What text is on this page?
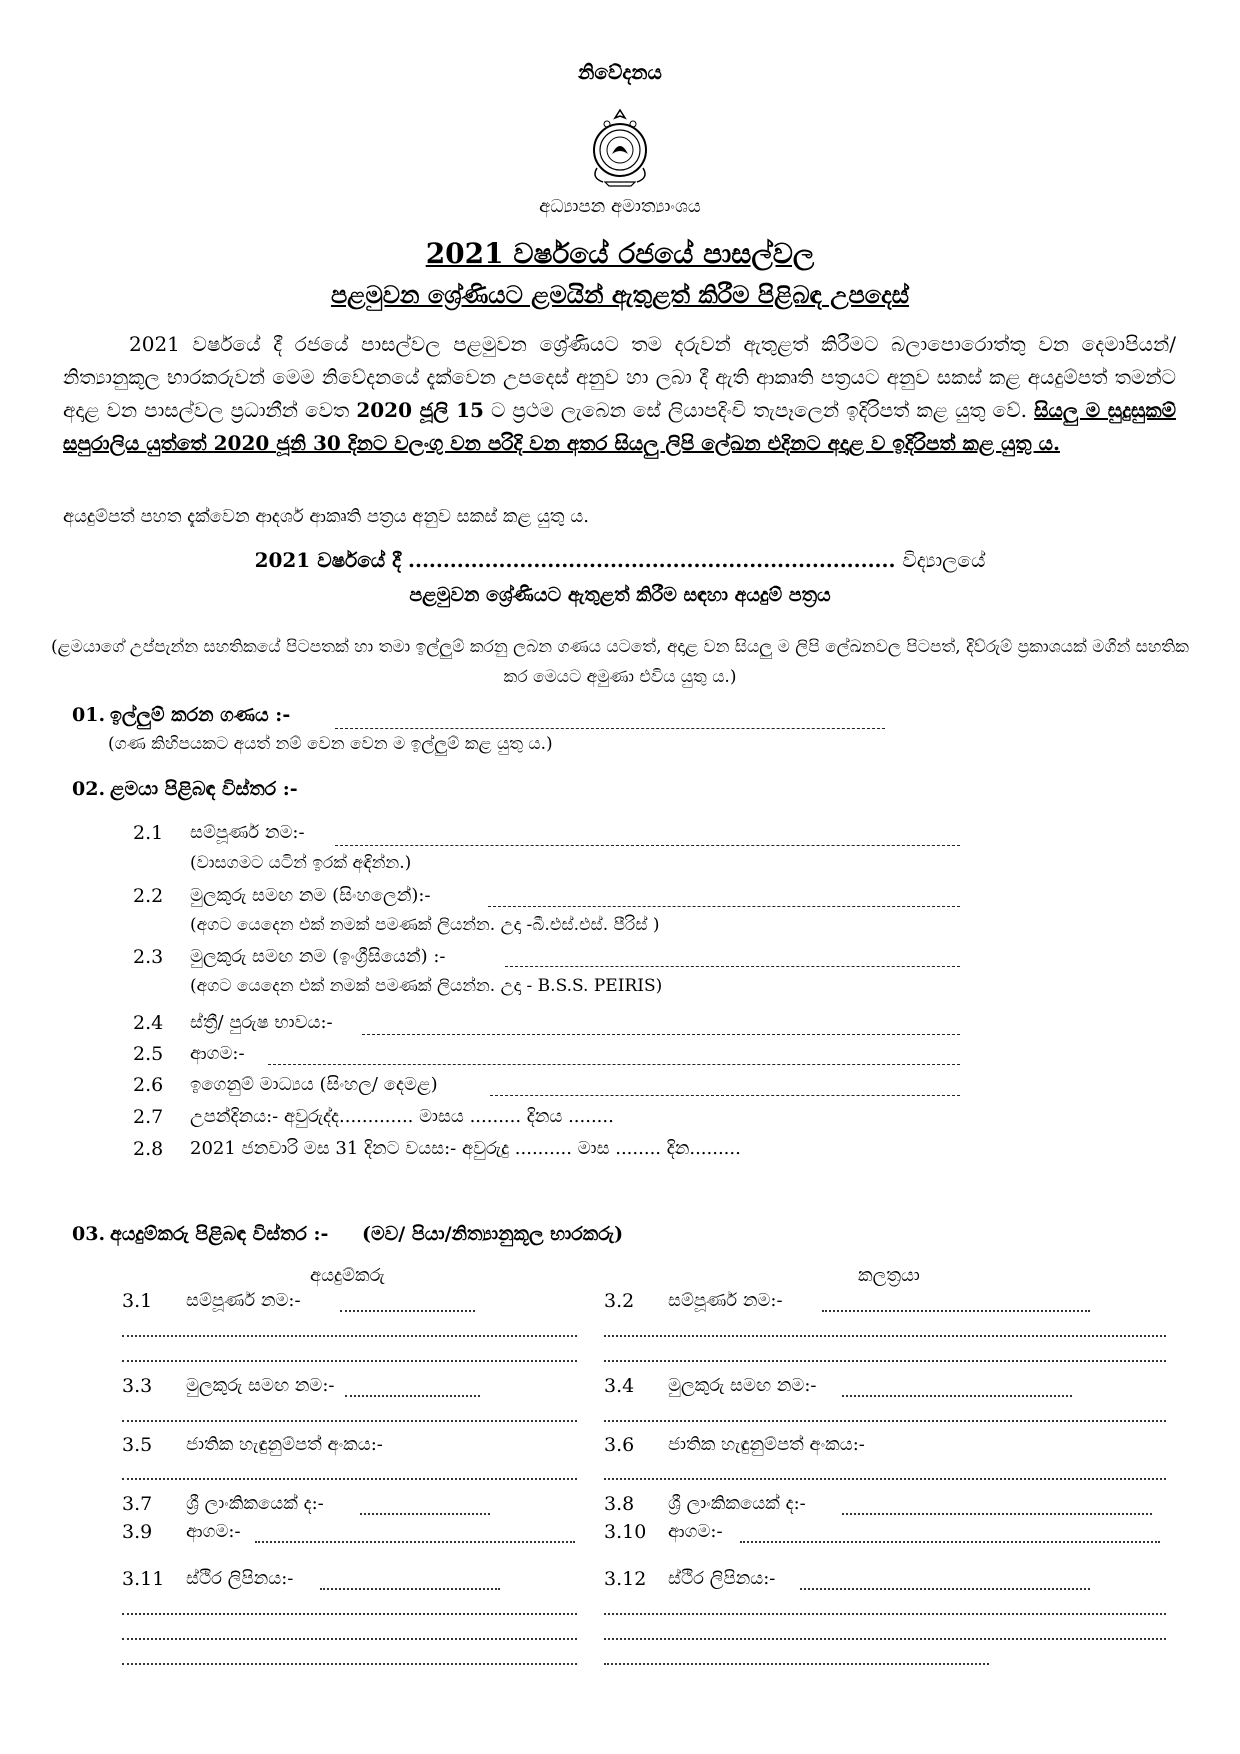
නිවේදනය
අධ්‍යාපන අමාත්‍යාංශය
2021 වර්ෂයේ රජයේ පාසල්වල
පළමුවන ශ්‍රේණියට ළමයින් ඇතුළත් කිරීම පිළිබඳ උපදෙස්
2021 වර්ෂයේ දී රජයේ පාසල්වල පළමුවන ශ්‍රේණියට තම දරුවන් ඇතුළත් කිරීමට බලාපොරොත්තු වන දෙමාපියන්/ නිත්‍යානුකූල භාරකරුවන් මෙම නිවේදනයේ දැක්වෙන උපදෙස් අනුව හා ලබා දී ඇති ආකෘති පත්‍රයට අනුව සකස් කළ අයදුම්පත් තමන්ට අදාළ වන පාසල්වල ප්‍රධානීන් වෙත 2020 ජූලි 15 ට ප්‍රථම ලැබෙන සේ ලියාපදිංචි තැපෑලෙන් ඉදිරිපත් කළ යුතු වේ. සියලු ම සුදුසුකම් සපුරාලිය යුත්තේ 2020 ජූනි 30 දිනට වලංගු වන පරිදි වන අතර සියලු ලිපි ලේඛන එදිනට අදාළ ව ඉදිරිපත් කළ යුතු ය.
අයදුම්පත් පහත දැක්වෙන ආදර්ශ ආකෘති පත්‍රය අනුව සකස් කළ යුතු ය.
2021 වර්ෂයේ දී ...................................................................... විද්‍යාලයේ
පළමුවන ශ්‍රේණියට ඇතුළත් කිරීම සඳහා අයදුම් පත්‍රය
(ළමයාගේ උප්පැන්න සහතිකයේ පිටපතක් හා තමා ඉල්ලුම් කරනු ලබන ගණය යටතේ, අදාළ වන සියලු ම ලිපි ලේඛනවල පිටපත්, දිව්රුම් ප්‍රකාශයක් මගින් සහතික කර මෙයට අමුණා එවිය යුතු ය.)
01. ඉල්ලුම් කරන ගණය :-
(ගණ කිහිපයකට අයත් නම් වෙන වෙන ම ඉල්ලුම් කළ යුතු ය.)
02. ළමයා පිළිබඳ විස්තර :-
2.1 සම්පූර්ණ නම:-
(වාසගමට යටින් ඉරක් අඳින්න.)
2.2 මුලකුරු සමඟ නම (සිංහලෙන්):-
(අගට යෙදෙන එක් නමක් පමණක් ලියන්න. උදා -බී.එස්.එස්. පීරිස් )
2.3 මුලකුරු සමඟ නම (ඉංග්‍රීසියෙන්) :-
(අගට යෙදෙන එක් නමක් පමණක් ලියන්න. උදා - B.S.S. PEIRIS)
2.4 ස්ත්‍රී/ පුරුෂ භාවය:-
2.5 ආගම:-
2.6 ඉගෙනුම් මාධ්‍යය (සිංහල/ දෙමළ)
2.7 උපන්දිනය:- අවුරුද්ද............. මාසය ......... දිනය ........
2.8 2021 ජනවාරි මස 31 දිනට වයස:- අවුරුදු .......... මාස ........ දින.........
03. අයදුම්කරු පිළිබඳ විස්තර :- (මව/ පියා/නිත්‍යානුකූල භාරකරු)
අයදුම්කරු	කලත්‍රයා
3.1 සම්පූර්ණ නම:-
3.3 මුලකුරු සමඟ නම:-
3.5 ජාතික හැඳුනුම්පත් අංකය:-
3.7 ශ්‍රී ලාංකිකයෙක් ද:-
3.9 ආගම:-
3.11 ස්ථිර ලිපිනය:-
3.2 සම්පූර්ණ නම:-
3.4 මුලකුරු සමඟ නම:-
3.6 ජාතික හැඳුනුම්පත් අංකය:-
3.8 ශ්‍රී ලාංකිකයෙක් ද:-
3.10 ආගම:-
3.12 ස්ථිර ලිපිනය:-
